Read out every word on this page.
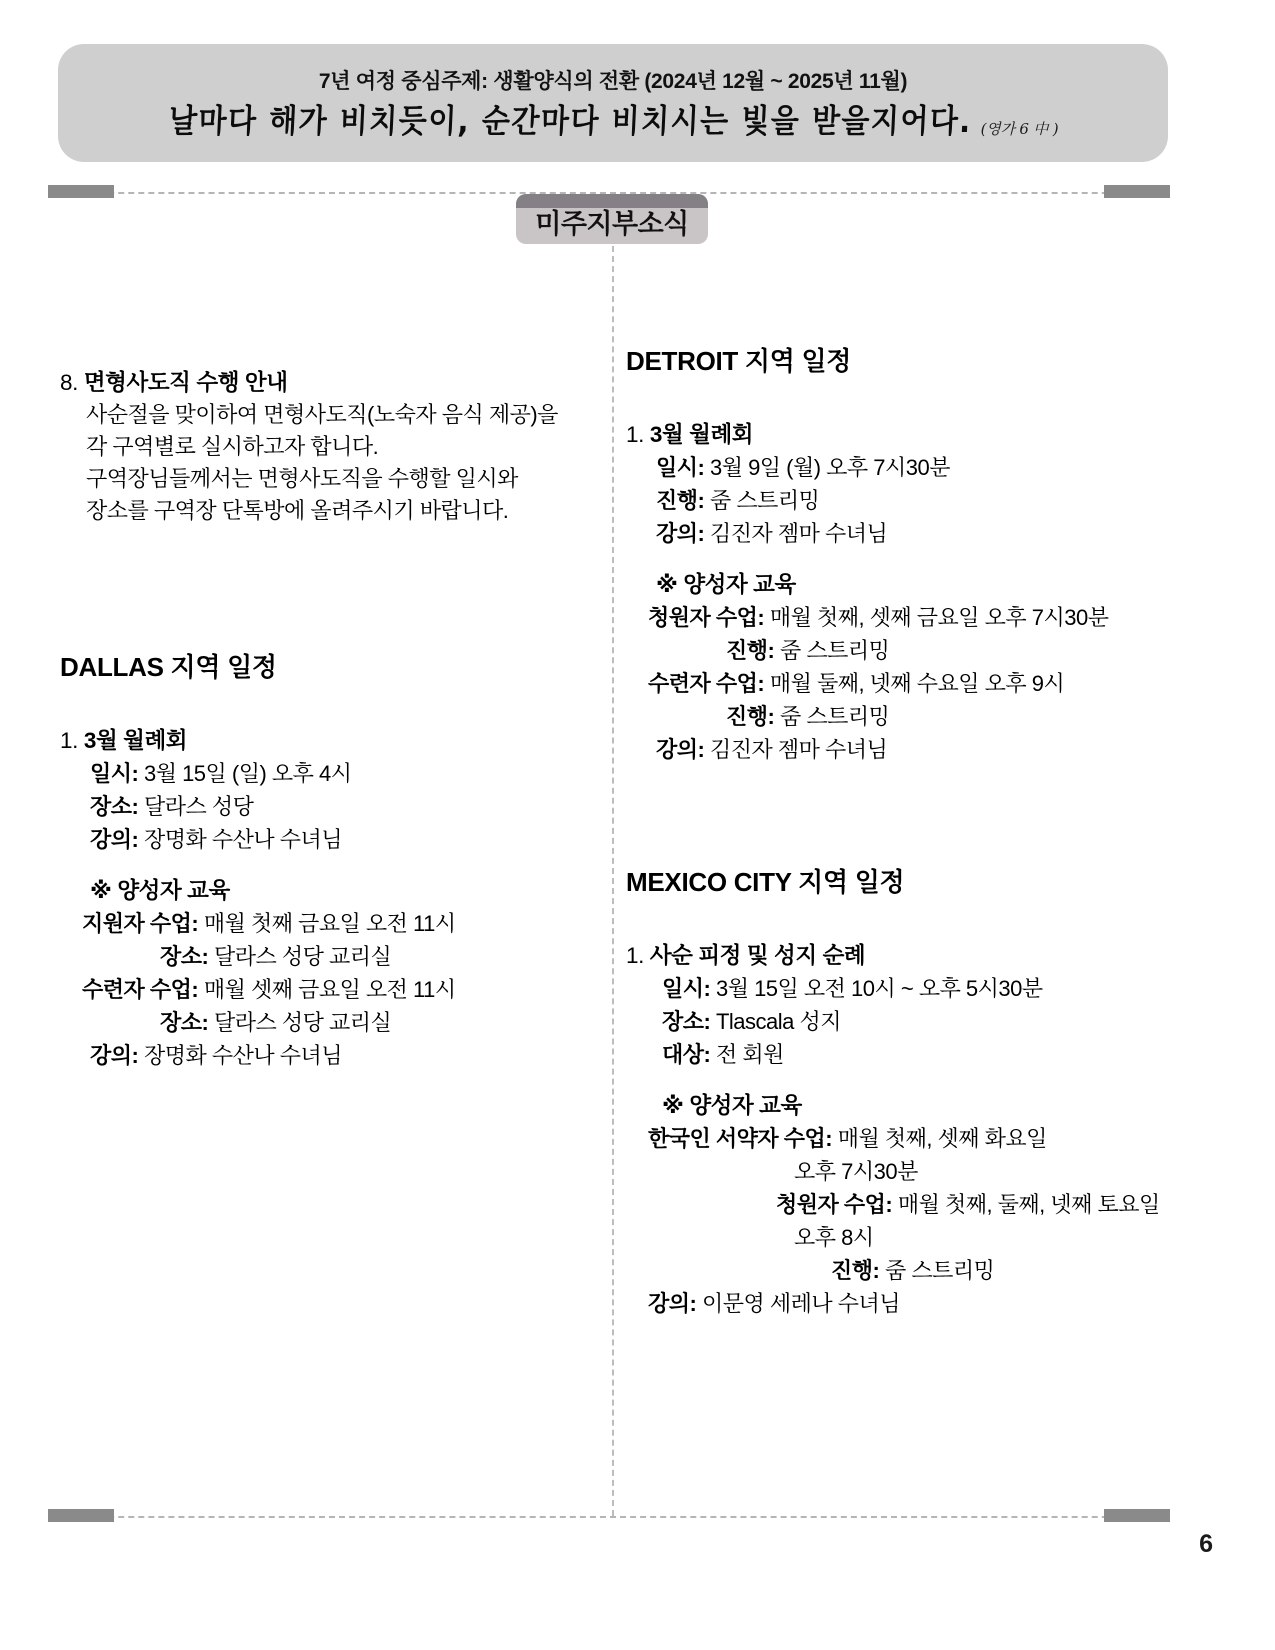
7년 여정 중심주제: 생활양식의 전환 (2024년 12월 ~ 2025년 11월)
날마다 해가 비치듯이, 순간마다 비치시는 빛을 받을지어다. (영가 6 中 )
미주지부소식
8. 면형사도직 수행 안내
사순절을 맞이하여 면형사도직(노숙자 음식 제공)을
각 구역별로 실시하고자 합니다.
구역장님들께서는 면형사도직을 수행할 일시와
장소를 구역장 단톡방에 올려주시기 바랍니다.
DALLAS 지역 일정
1. 3월 월례회
일시: 3월 15일 (일) 오후 4시
장소: 달라스 성당
강의: 장명화 수산나 수녀님
※ 양성자 교육
지원자 수업: 매월 첫째 금요일 오전 11시
장소: 달라스 성당 교리실
수련자 수업: 매월 셋째 금요일 오전 11시
장소: 달라스 성당 교리실
강의: 장명화 수산나 수녀님
DETROIT 지역 일정
1. 3월 월례회
일시: 3월 9일 (월) 오후 7시30분
진행: 줌 스트리밍
강의: 김진자 젬마 수녀님
※ 양성자 교육
청원자 수업: 매월 첫째, 셋째 금요일 오후 7시30분
진행: 줌 스트리밍
수련자 수업: 매월 둘째, 넷째 수요일 오후 9시
진행: 줌 스트리밍
강의: 김진자 젬마 수녀님
MEXICO CITY 지역 일정
1. 사순 피정 및 성지 순례
일시: 3월 15일 오전 10시 ~ 오후 5시30분
장소: Tlascala 성지
대상: 전 회원
※ 양성자 교육
한국인 서약자 수업: 매월 첫째, 셋째 화요일
오후 7시30분
청원자 수업: 매월 첫째, 둘째, 넷째 토요일
오후 8시
진행: 줌 스트리밍
강의: 이문영 세레나 수녀님
6
